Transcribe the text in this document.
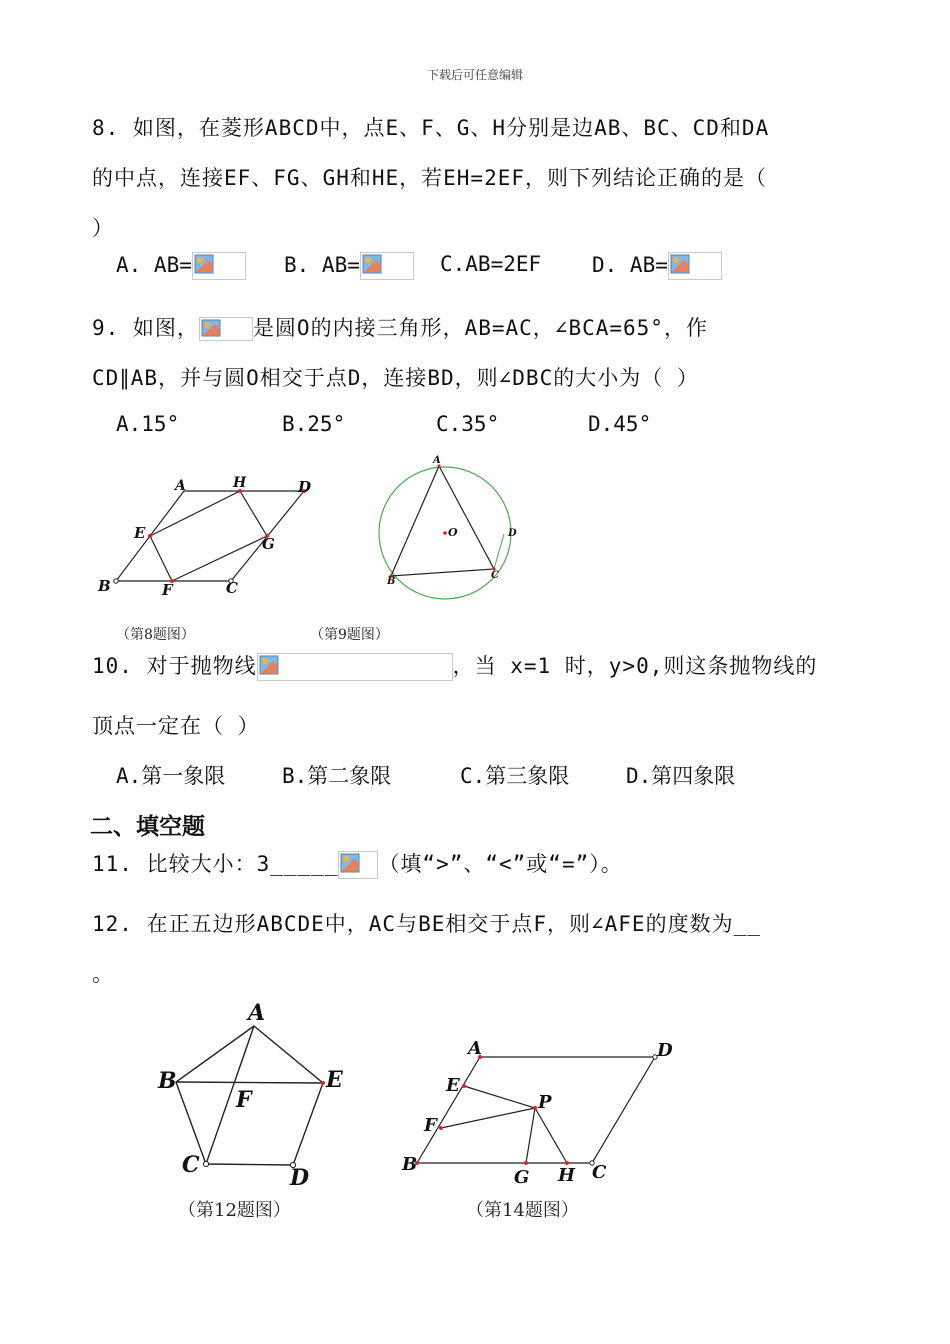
下载后可任意编辑
8. 如图，在菱形ABCD中，点E、F、G、H分别是边AB、BC、CD和DA
的中点，连接EF、FG、GH和HE，若EH=2EF，则下列结论正确的是（
）
A. AB=	B. AB=	C.AB=2EF D. AB=
9. 如图，	是圆O的内接三角形，AB=AC，∠BCA=65°，作
CD∥AB，并与圆O相交于点D，连接BD，则∠DBC的大小为（ ）
A.15°	B.25°	C.35°	D.45°
A	H	D
E
G
B	F	C
（第8题图）
A
O	D
B
C
（第9题图）
10. 对于抛物线	，当 x=1 时，y>0,则这条抛物线的
顶点一定在（ ）
A.第一象限	B.第二象限	C.第三象限	D.第四象限
二、填空题
11. 比较大小：3_____ （填“>”、“<”或“=”）。
12. 在正五边形ABCDE中，AC与BE相交于点F，则∠AFE的度数为__
。
A
B	E
F
C	D
（第12题图）
A	D
E
P
F
B
G H C
（第14题图）
